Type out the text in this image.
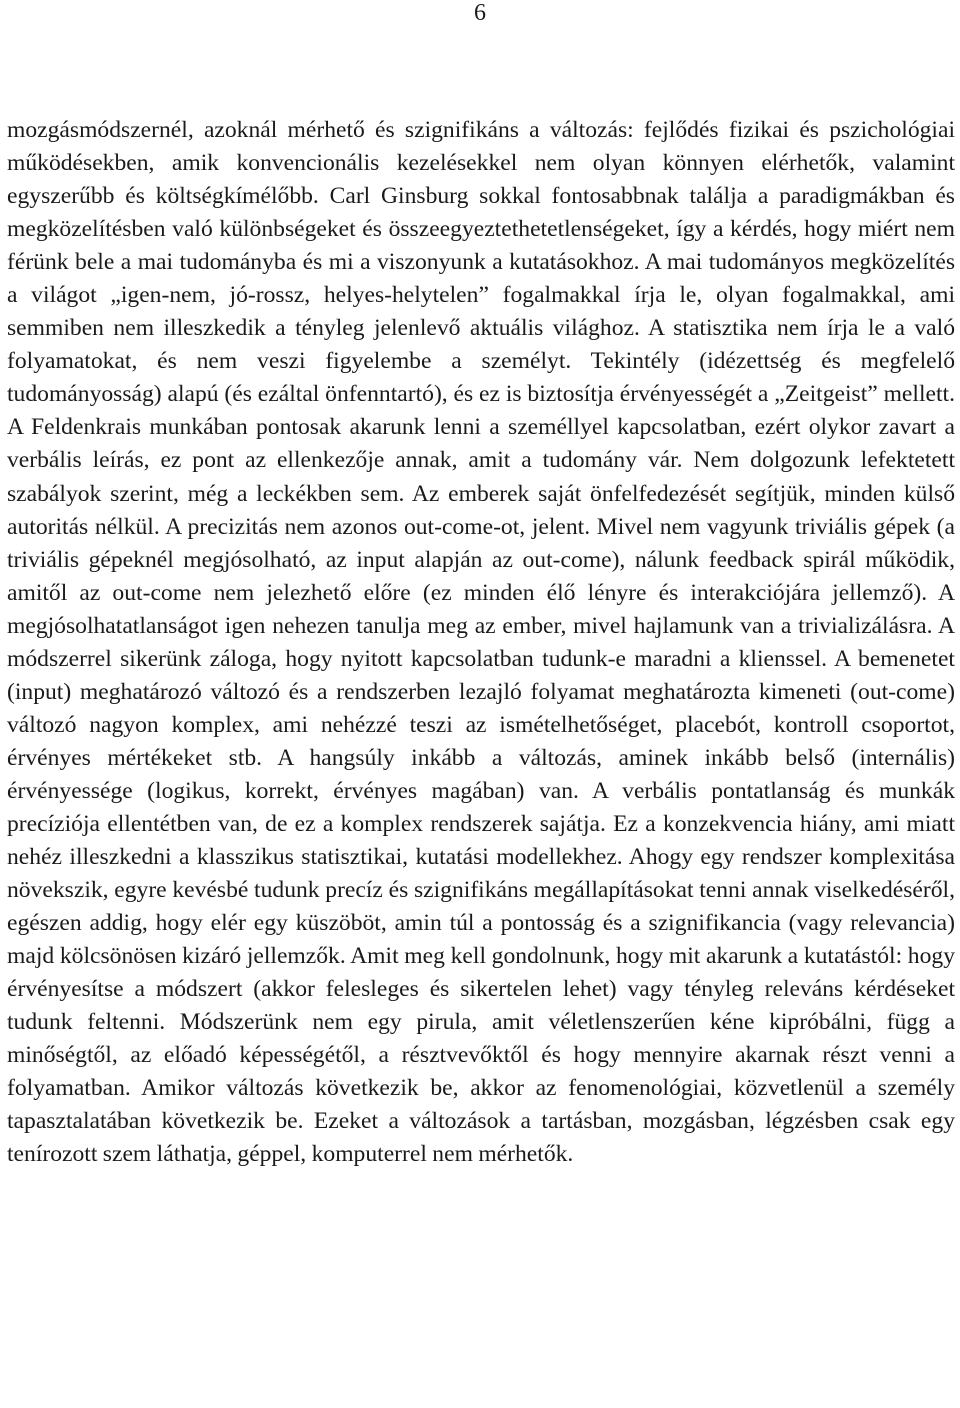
6

mozgásmódszernél, azoknál mérhető és szignifikáns a változás: fejlődés fizikai és pszichológiai működésekben, amik konvencionális kezelésekkel nem olyan könnyen elérhetők, valamint egyszerűbb és költségkímélőbb. Carl Ginsburg sokkal fontosabbnak találja a paradigmákban és megközelítésben való különbségeket és összeegyeztethetetlenségeket, így a kérdés, hogy miért nem férünk bele a mai tudományba és mi a viszonyunk a kutatásokhoz. A mai tudományos megközelítés a világot „igen-nem, jó-rossz, helyes-helytelen” fogalmakkal írja le, olyan fogalmakkal, ami semmiben nem illeszkedik a tényleg jelenlevő aktuális világhoz. A statisztika nem írja le a való folyamatokat, és nem veszi figyelembe a személyt. Tekintély (idézettség és megfelelő tudományosság) alapú (és ezáltal önfenntartó), és ez is biztosítja érvényességét a „Zeitgeist” mellett. A Feldenkrais munkában pontosak akarunk lenni a személlyel kapcsolatban, ezért olykor zavart a verbális leírás, ez pont az ellenkezője annak, amit a tudomány vár. Nem dolgozunk lefektetett szabályok szerint, még a leckékben sem. Az emberek saját önfelfedezését segítjük, minden külső autoritás nélkül. A precizitás nem azonos out-come-ot, jelent. Mivel nem vagyunk triviális gépek (a triviális gépeknél megjósolható, az input alapján az out-come), nálunk feedback spirál működik, amitől az out-come nem jelezhető előre (ez minden élő lényre és interakciójára jellemző). A megjósolhatatlanságot igen nehezen tanulja meg az ember, mivel hajlamunk van a trivializálásra. A módszerrel sikerünk záloga, hogy nyitott kapcsolatban tudunk-e maradni a klienssel. A bemenetet (input) meghatározó változó és a rendszerben lezajló folyamat meghatározta kimeneti (out-come) változó nagyon komplex, ami nehézzé teszi az ismételhetőséget, placebót, kontroll csoportot, érvényes mértékeket stb. A hangsúly inkább a változás, aminek inkább belső (internális) érvényessége (logikus, korrekt, érvényes magában) van. A verbális pontatlanság és munkák precíziója ellentétben van, de ez a komplex rendszerek sajátja. Ez a konzekvencia hiány, ami miatt nehéz illeszkedni a klasszikus statisztikai, kutatási modellekhez. Ahogy egy rendszer komplexitása növekszik, egyre kevésbé tudunk precíz és szignifikáns megállapításokat tenni annak viselkedéséről, egészen addig, hogy elér egy küszöböt, amin túl a pontosság és a szignifikancia (vagy relevancia) majd kölcsönösen kizáró jellemzők. Amit meg kell gondolnunk, hogy mit akarunk a kutatástól: hogy érvényesítse a módszert (akkor felesleges és sikertelen lehet) vagy tényleg releváns kérdéseket tudunk feltenni. Módszerünk nem egy pirula, amit véletlenszerűen kéne kipróbálni, függ a minőségtől, az előadó képességétől, a résztvevőktől és hogy mennyire akarnak részt venni a folyamatban. Amikor változás következik be, akkor az fenomenológiai, közvetlenül a személy tapasztalatában következik be. Ezeket a változások a tartásban, mozgásban, légzésben csak egy tenírozott szem láthatja, géppel, komputerrel nem mérhetők.
